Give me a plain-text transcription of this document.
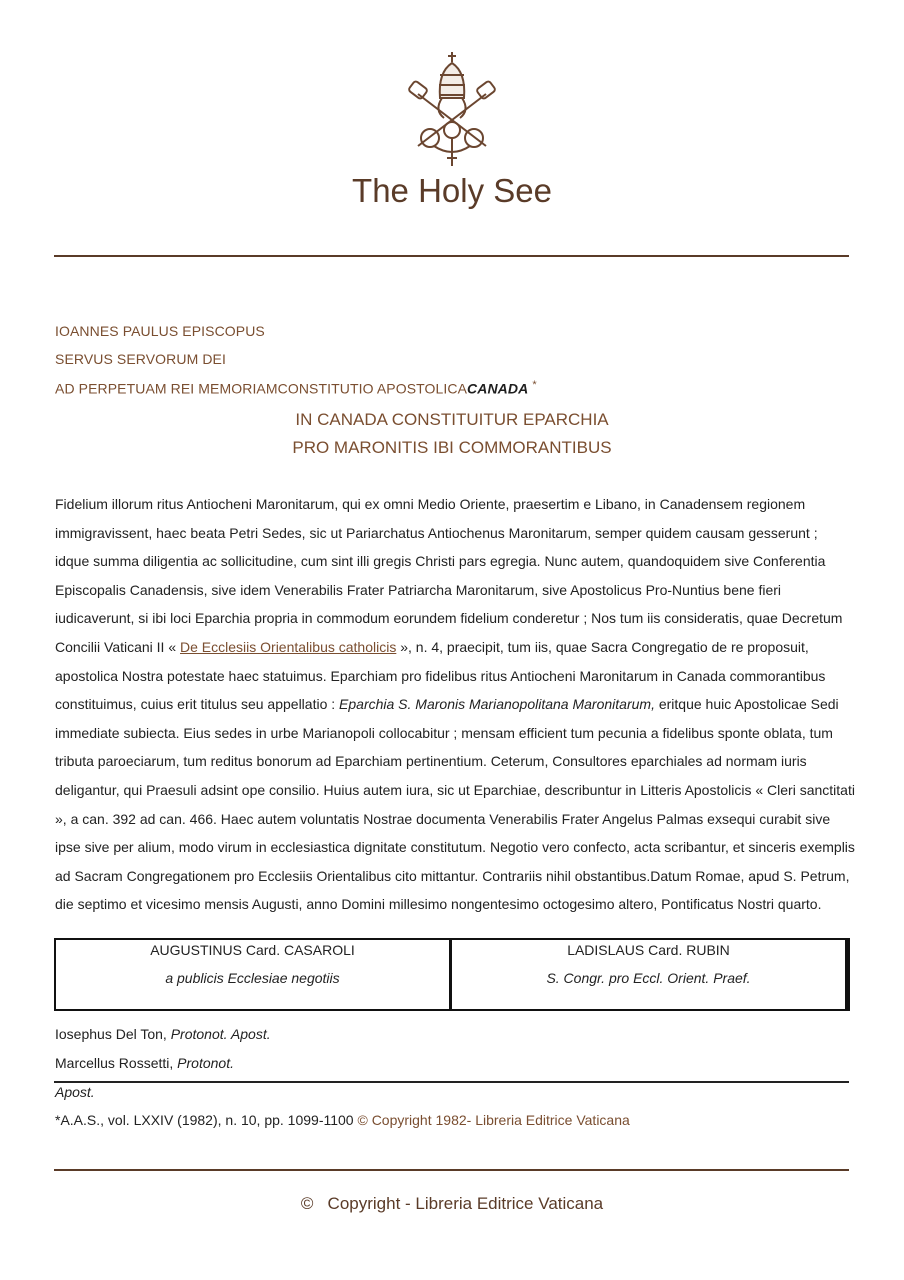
The Holy See
IOANNES PAULUS EPISCOPUS
SERVUS SERVORUM DEI
AD PERPETUAM REI MEMORIAMCONSTITUTIO APOSTOLICACANADA *
IN CANADA CONSTITUITUR EPARCHIA
PRO MARONITIS IBI COMMORANTIBUS
Fidelium illorum ritus Antiocheni Maronitarum, qui ex omni Medio Oriente, praesertim e Libano, in Canadensem regionem immigravissent, haec beata Petri Sedes, sic ut Pariarchatus Antiochenus Maronitarum, semper quidem causam gesserunt ; idque summa diligentia ac sollicitudine, cum sint illi gregis Christi pars egregia. Nunc autem, quandoquidem sive Conferentia Episcopalis Canadensis, sive idem Venerabilis Frater Patriarcha Maronitarum, sive Apostolicus Pro-Nuntius bene fieri iudicaverunt, si ibi loci Eparchia propria in commodum eorundem fidelium conderetur ; Nos tum iis consideratis, quae Decretum Concilii Vaticani II « De Ecclesiis Orientalibus catholicis », n. 4, praecipit, tum iis, quae Sacra Congregatio de re proposuit, apostolica Nostra potestate haec statuimus. Eparchiam pro fidelibus ritus Antiocheni Maronitarum in Canada commorantibus constituimus, cuius erit titulus seu appellatio : Eparchia S. Maronis Marianopolitana Maronitarum, eritque huic Apostolicae Sedi immediate subiecta. Eius sedes in urbe Marianopoli collocabitur ; mensam efficient tum pecunia a fidelibus sponte oblata, tum tributa paroeciarum, tum reditus bonorum ad Eparchiam pertinentium. Ceterum, Consultores eparchiales ad normam iuris deligantur, qui Praesuli adsint ope consilio. Huius autem iura, sic ut Eparchiae, describuntur in Litteris Apostolicis « Cleri sanctitati », a can. 392 ad can. 466. Haec autem voluntatis Nostrae documenta Venerabilis Frater Angelus Palmas exsequi curabit sive ipse sive per alium, modo virum in ecclesiastica dignitate constitutum. Negotio vero confecto, acta scribantur, et sinceris exemplis ad Sacram Congregationem pro Ecclesiis Orientalibus cito mittantur. Contrariis nihil obstantibus.Datum Romae, apud S. Petrum, die septimo et vicesimo mensis Augusti, anno Domini millesimo nongentesimo octogesimo altero, Pontificatus Nostri quarto.
AUGUSTINUS Card. CASAROLI
a publicis Ecclesiae negotiis
LADISLAUS Card. RUBIN
S. Congr. pro Eccl. Orient. Praef.
Iosephus Del Ton, Protonot. Apost.
Marcellus Rossetti, Protonot.
Apost.
*A.A.S., vol. LXXIV (1982), n. 10, pp. 1099-1100 © Copyright 1982- Libreria Editrice Vaticana
© Copyright - Libreria Editrice Vaticana
